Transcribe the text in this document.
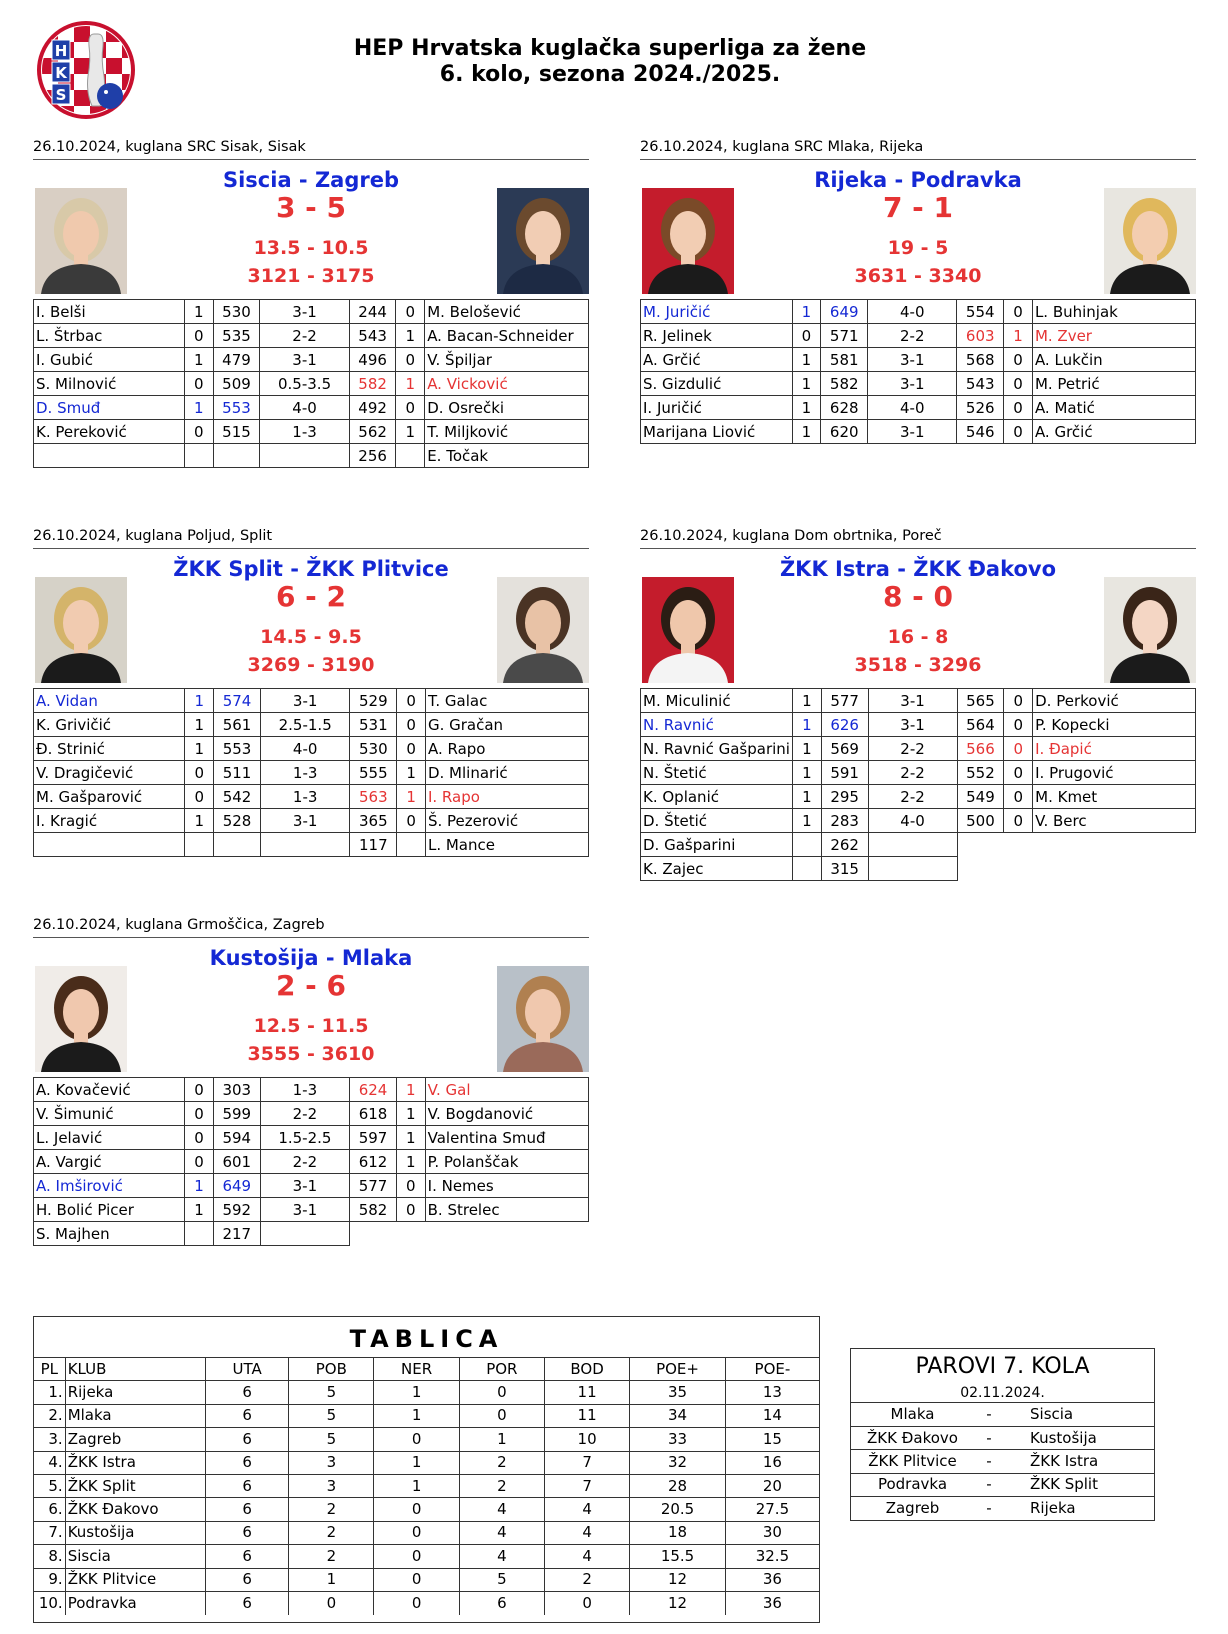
H
K
S
HEP Hrvatska kuglačka superliga za žene
6. kolo, sezona 2024./2025.
26.10.2024, kuglana SRC Sisak, Sisak
Siscia - Zagreb
3 - 5
13.5 - 10.5
3121 - 3175
I. Belši	1	530	3-1	244	0	M. Belošević
L. Štrbac	0	535	2-2	543	1	A. Bacan-Schneider
I. Gubić	1	479	3-1	496	0	V. Špiljar
S. Milnović	0	509	0.5-3.5	582	1	A. Vicković
D. Smuđ	1	553	4-0	492	0	D. Osrečki
K. Pereković	0	515	1-3	562	1	T. Miljković
				256		E. Točak
26.10.2024, kuglana SRC Mlaka, Rijeka
Rijeka - Podravka
7 - 1
19 - 5
3631 - 3340
M. Juričić	1	649	4-0	554	0	L. Buhinjak
R. Jelinek	0	571	2-2	603	1	M. Zver
A. Grčić	1	581	3-1	568	0	A. Lukčin
S. Gizdulić	1	582	3-1	543	0	M. Petrić
I. Juričić	1	628	4-0	526	0	A. Matić
Marijana Liović	1	620	3-1	546	0	A. Grčić
26.10.2024, kuglana Poljud, Split
ŽKK Split - ŽKK Plitvice
6 - 2
14.5 - 9.5
3269 - 3190
A. Vidan	1	574	3-1	529	0	T. Galac
K. Grivičić	1	561	2.5-1.5	531	0	G. Gračan
Đ. Strinić	1	553	4-0	530	0	A. Rapo
V. Dragičević	0	511	1-3	555	1	D. Mlinarić
M. Gašparović	0	542	1-3	563	1	I. Rapo
I. Kragić	1	528	3-1	365	0	Š. Pezerović
				117		L. Mance
26.10.2024, kuglana Dom obrtnika, Poreč
ŽKK Istra - ŽKK Đakovo
8 - 0
16 - 8
3518 - 3296
M. Miculinić	1	577	3-1	565	0	D. Perković
N. Ravnić	1	626	3-1	564	0	P. Kopecki
N. Ravnić Gašparini	1	569	2-2	566	0	I. Đapić
N. Štetić	1	591	2-2	552	0	I. Prugović
K. Oplanić	1	295	2-2	549	0	M. Kmet
D. Štetić	1	283	4-0	500	0	V. Berc
D. Gašparini		262				
K. Zajec		315				
26.10.2024, kuglana Grmoščica, Zagreb
Kustošija - Mlaka
2 - 6
12.5 - 11.5
3555 - 3610
A. Kovačević	0	303	1-3	624	1	V. Gal
V. Šimunić	0	599	2-2	618	1	V. Bogdanović
L. Jelavić	0	594	1.5-2.5	597	1	Valentina Smuđ
A. Vargić	0	601	2-2	612	1	P. Polanščak
A. Imširović	1	649	3-1	577	0	I. Nemes
H. Bolić Picer	1	592	3-1	582	0	B. Strelec
S. Majhen		217				
TABLICA
PL	KLUB	UTA	POB	NER	POR	BOD	POE+	POE-
1.	Rijeka	6	5	1	0	11	35	13
2.	Mlaka	6	5	1	0	11	34	14
3.	Zagreb	6	5	0	1	10	33	15
4.	ŽKK Istra	6	3	1	2	7	32	16
5.	ŽKK Split	6	3	1	2	7	28	20
6.	ŽKK Đakovo	6	2	0	4	4	20.5	27.5
7.	Kustošija	6	2	0	4	4	18	30
8.	Siscia	6	2	0	4	4	15.5	32.5
9.	ŽKK Plitvice	6	1	0	5	2	12	36
10.	Podravka	6	0	0	6	0	12	36
PAROVI 7. KOLA
02.11.2024.
Mlaka	-	Siscia
ŽKK Đakovo	-	Kustošija
ŽKK Plitvice	-	ŽKK Istra
Podravka	-	ŽKK Split
Zagreb	-	Rijeka
